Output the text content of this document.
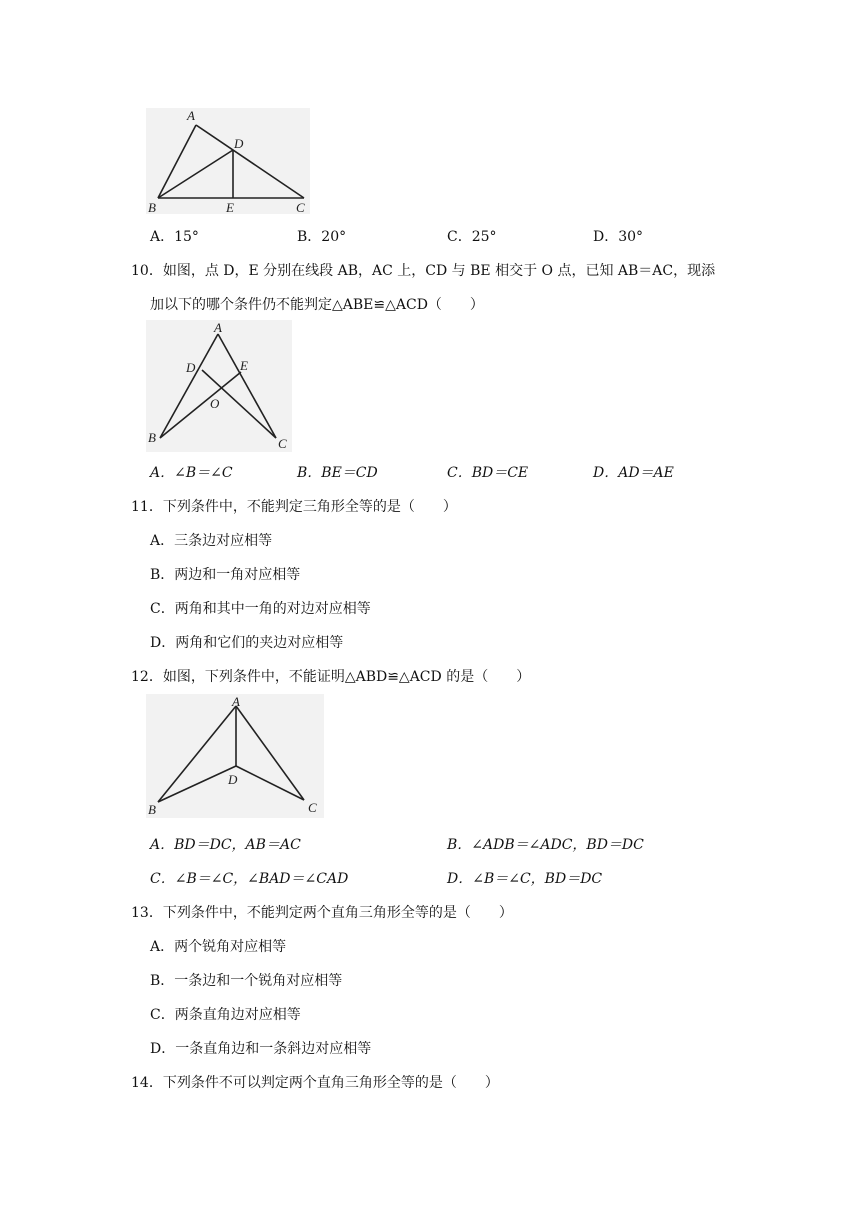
A
D
B	E	C
A．15°	B．20°	C．25°	D．30°
10．如图，点 D，E 分别在线段 AB，AC 上，CD 与 BE 相交于 O 点，已知 AB＝AC，现添
加以下的哪个条件仍不能判定△ABE≌△ACD（　　）
A
D	E
O
B	C
A．∠B＝∠C	B．BE＝CD	C．BD＝CE	D．AD＝AE
11．下列条件中，不能判定三角形全等的是（　　）
A．三条边对应相等
B．两边和一角对应相等
C．两角和其中一角的对边对应相等
D．两角和它们的夹边对应相等
12．如图，下列条件中，不能证明△ABD≌△ACD 的是（　　）
A
D
B	C
A．BD＝DC，AB＝AC	B．∠ADB＝∠ADC，BD＝DC
C．∠B＝∠C，∠BAD＝∠CAD	D．∠B＝∠C，BD＝DC
13．下列条件中，不能判定两个直角三角形全等的是（　　）
A．两个锐角对应相等
B．一条边和一个锐角对应相等
C．两条直角边对应相等
D．一条直角边和一条斜边对应相等
14．下列条件不可以判定两个直角三角形全等的是（　　）
